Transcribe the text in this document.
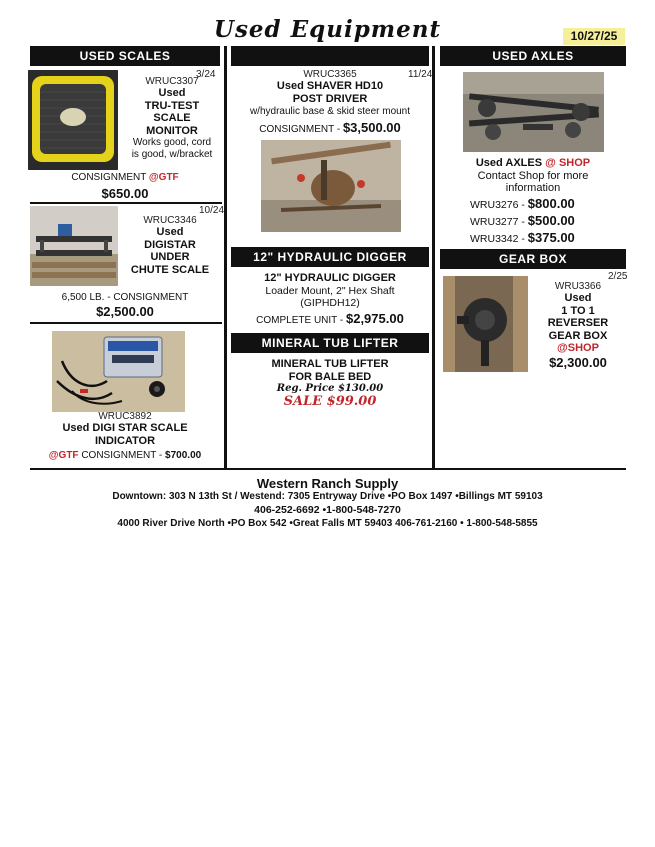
Used Equipment	10/27/25
USED SCALES	USED AXLES
3/24
WRUC3307
Used
TRU-TEST
SCALE
MONITOR
Works good, cord
is good, w/bracket
CONSIGNMENT @GTF
$650.00
10/24
WRUC3346
Used
DIGISTAR
UNDER
CHUTE SCALE
6,500 LB. - CONSIGNMENT
$2,500.00
WRUC3892
Used DIGI STAR SCALE
INDICATOR
@GTF CONSIGNMENT - $700.00
11/24
WRUC3365
Used SHAVER HD10
POST DRIVER
w/hydraulic base & skid steer mount
CONSIGNMENT - $3,500.00
12" HYDRAULIC DIGGER
12" HYDRAULIC DIGGER
Loader Mount, 2" Hex Shaft
(GIPHDH12)
COMPLETE UNIT - $2,975.00
MINERAL TUB LIFTER
MINERAL TUB LIFTER
FOR BALE BED
Reg. Price $130.00
SALE $99.00
Used AXLES @ SHOP
Contact Shop for more
information
WRU3276 - $800.00
WRU3277 - $500.00
WRU3342 - $375.00
GEAR BOX
2/25
WRU3366
Used
1 TO 1
REVERSER
GEAR BOX
@SHOP
$2,300.00
Western Ranch Supply
Downtown: 303 N 13th St / Westend: 7305 Entryway Drive •PO Box 1497 •Billings MT 59103
406-252-6692 •1-800-548-7270
4000 River Drive North •PO Box 542 •Great Falls MT 59403 406-761-2160 • 1-800-548-5855
